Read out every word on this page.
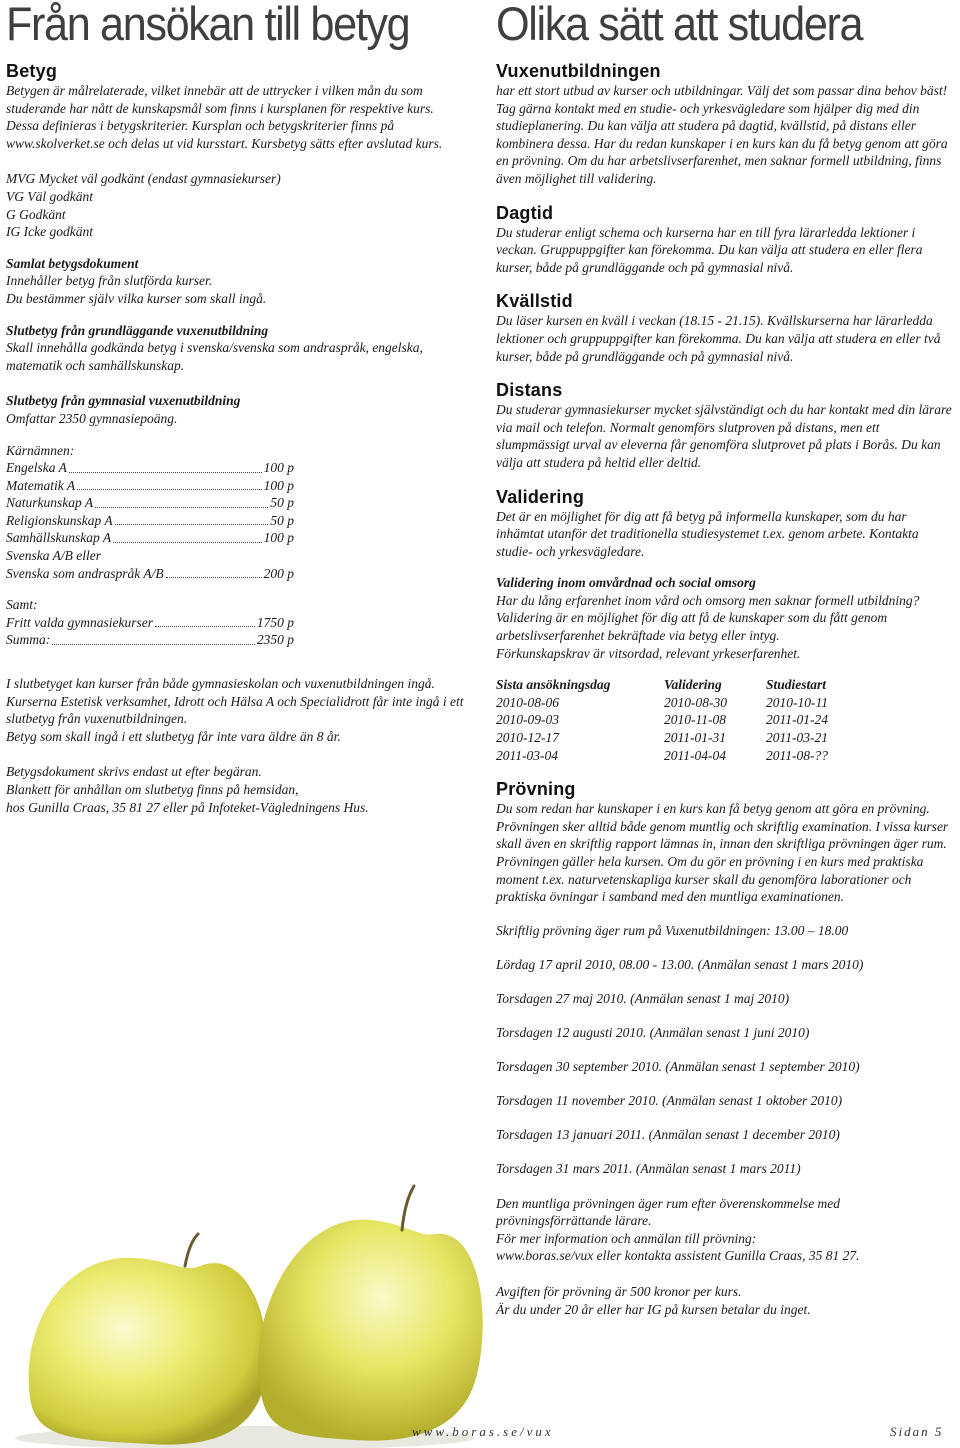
Från ansökan till betyg
Betyg

Betygen är målrelaterade, vilket innebär att de uttrycker i vilken mån du som studerande har nått de kunskapsmål som finns i kursplanen för respektive kurs. Dessa definieras i betygskriterier. Kursplan och betygskriterier finns på www.skolverket.se och delas ut vid kursstart. Kursbetyg sätts efter avslutad kurs.

MVG Mycket väl godkänt (endast gymnasiekurser)

VG Väl godkänt

G Godkänt

IG Icke godkänt

Samlat betygsdokument

Innehåller betyg från slutförda kurser.

Du bestämmer själv vilka kurser som skall ingå.

Slutbetyg från grundläggande vuxenutbildning

Skall innehålla godkända betyg i svenska/svenska som andraspråk, engelska, matematik och samhällskunskap.

Slutbetyg från gymnasial vuxenutbildning

Omfattar 2350 gymnasiepoäng.

Kärnämnen:

Engelska A	100 p
Matematik A	100 p
Naturkunskap A	50 p
Religionskunskap A	50 p
Samhällskunskap A	100 p

Svenska A/B eller

Svenska som andraspråk A/B	200 p

Samt:

Fritt valda gymnasiekurser	1750 p
Summa:	2350 p

I slutbetyget kan kurser från både gymnasieskolan och vuxenutbildningen ingå. Kurserna Estetisk verksamhet, Idrott och Hälsa A och Specialidrott får inte ingå i ett slutbetyg från vuxenutbildningen.

Betyg som skall ingå i ett slutbetyg får inte vara äldre än 8 år.

Betygsdokument skrivs endast ut efter begäran.

Blankett för anhållan om slutbetyg finns på hemsidan,

hos Gunilla Craas, 35 81 27 eller på Infoteket-Vägledningens Hus.

Olika sätt att studera
Vuxenutbildningen

har ett stort utbud av kurser och utbildningar. Välj det som passar dina behov bäst! Tag gärna kontakt med en studie- och yrkesvägledare som hjälper dig med din studieplanering. Du kan välja att studera på dagtid, kvällstid, på distans eller kombinera dessa. Har du redan kunskaper i en kurs kan du få betyg genom att göra en prövning. Om du har arbetslivserfarenhet, men saknar formell utbildning, finns även möjlighet till validering.

Dagtid

Du studerar enligt schema och kurserna har en till fyra lärarledda lektioner i veckan. Gruppuppgifter kan förekomma. Du kan välja att studera en eller flera kurser, både på grundläggande och på gymnasial nivå.

Kvällstid

Du läser kursen en kväll i veckan (18.15 - 21.15). Kvällskurserna har lärarledda lektioner och gruppuppgifter kan förekomma. Du kan välja att studera en eller två kurser, både på grundläggande och på gymnasial nivå.

Distans

Du studerar gymnasiekurser mycket självständigt och du har kontakt med din lärare via mail och telefon. Normalt genomförs slutproven på distans, men ett slumpmässigt urval av eleverna får genomföra slutprovet på plats i Borås. Du kan välja att studera på heltid eller deltid.

Validering

Det är en möjlighet för dig att få betyg på informella kunskaper, som du har inhämtat utanför det traditionella studiesystemet t.ex. genom arbete. Kontakta studie- och yrkesvägledare.

Validering inom omvårdnad och social omsorg

Har du lång erfarenhet inom vård och omsorg men saknar formell utbildning? Validering är en möjlighet för dig att få de kunskaper som du fått genom arbetslivserfarenhet bekräftade via betyg eller intyg.

Förkunskapskrav är vitsordad, relevant yrkeserfarenhet.

Sista ansökningsdag	Validering	Studiestart
2010-08-06	2010-08-30	2010-10-11
2010-09-03	2010-11-08	2011-01-24
2010-12-17	2011-01-31	2011-03-21
2011-03-04	2011-04-04	2011-08-??
Prövning

Du som redan har kunskaper i en kurs kan få betyg genom att göra en prövning. Prövningen sker alltid både genom muntlig och skriftlig examination. I vissa kurser skall även en skriftlig rapport lämnas in, innan den skriftliga prövningen äger rum. Prövningen gäller hela kursen. Om du gör en prövning i en kurs med praktiska moment t.ex. naturvetenskapliga kurser skall du genomföra laborationer och praktiska övningar i samband med den muntliga examinationen.

Skriftlig prövning äger rum på Vuxenutbildningen: 13.00 – 18.00

Lördag 17 april 2010, 08.00 - 13.00. (Anmälan senast 1 mars 2010)

Torsdagen 27 maj 2010. (Anmälan senast 1 maj 2010)

Torsdagen 12 augusti 2010. (Anmälan senast 1 juni 2010)

Torsdagen 30 september 2010. (Anmälan senast 1 september 2010)

Torsdagen 11 november 2010. (Anmälan senast 1 oktober 2010)

Torsdagen 13 januari 2011. (Anmälan senast 1 december 2010)

Torsdagen 31 mars 2011. (Anmälan senast 1 mars 2011)

Den muntliga prövningen äger rum efter överenskommelse med

prövningsförrättande lärare.

För mer information och anmälan till prövning:

www.boras.se/vux eller kontakta assistent Gunilla Craas, 35 81 27.

Avgiften för prövning är 500 kronor per kurs.

Är du under 20 år eller har IG på kursen betalar du inget.

www.boras.se/vux	Sidan 5
